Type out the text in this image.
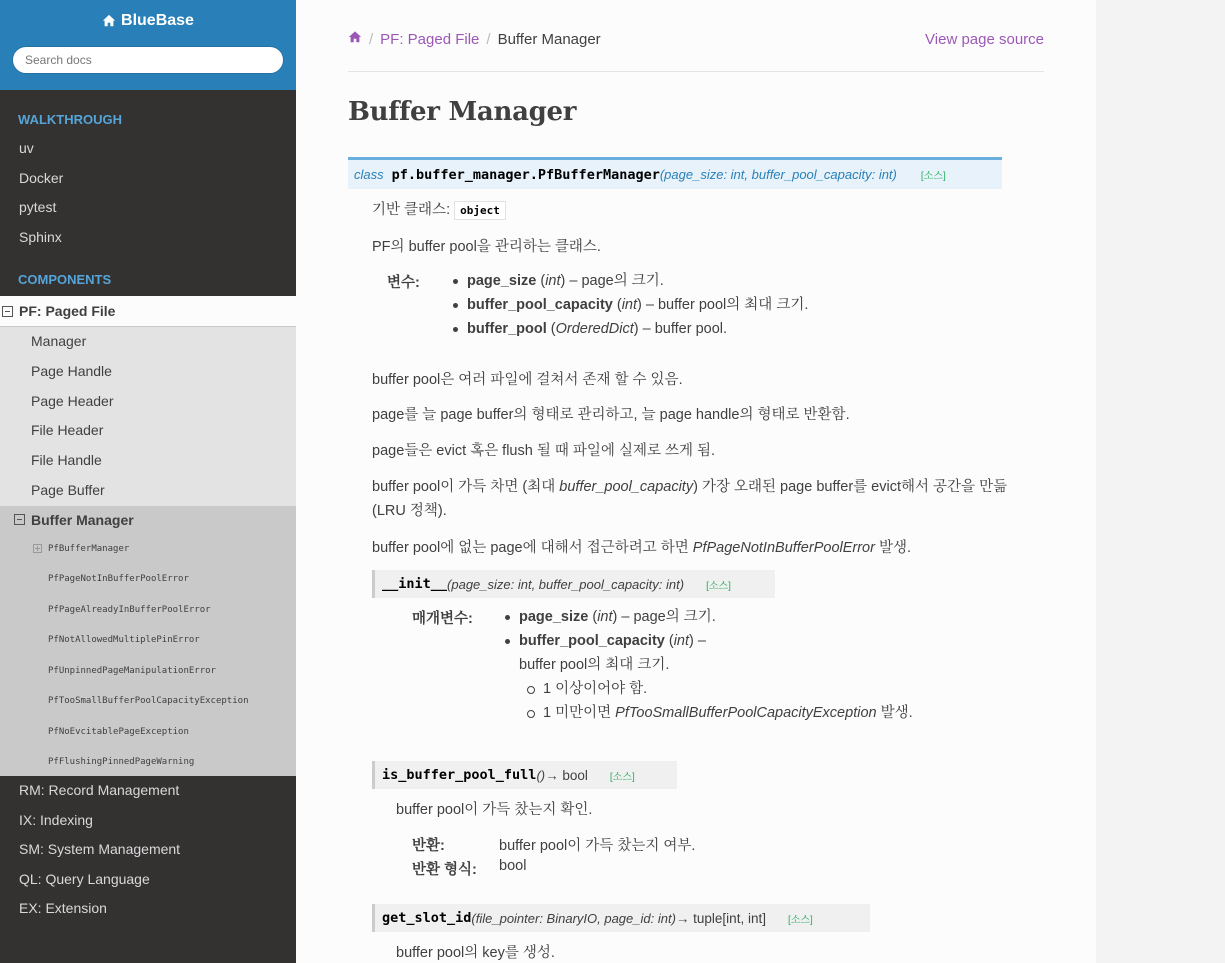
BlueBase
Search docs
WALKTHROUGH
uv
Docker
pytest
Sphinx
COMPONENTS
PF: Paged File
Manager
Page Handle
Page Header
File Header
File Handle
Page Buffer
Buffer Manager
PfBufferManager
PfPageNotInBufferPoolError
PfPageAlreadyInBufferPoolError
PfNotAllowedMultiplePinError
PfUnpinnedPageManipulationError
PfTooSmallBufferPoolCapacityException
PfNoEvcitablePageException
PfFlushingPinnedPageWarning
RM: Record Management
IX: Indexing
SM: System Management
QL: Query Language
EX: Extension
/ PF: Paged File / Buffer Manager	View page source
Buffer Manager
class pf.buffer_manager.PfBufferManager (page_size: int, buffer_pool_capacity: int) [소스]
기반 클래스: object
PF의 buffer pool을 관리하는 클래스.
변수:	page_size (int) – page의 크기.
buffer_pool_capacity (int) – buffer pool의 최대 크기.
buffer_pool (OrderedDict) – buffer pool.
buffer pool은 여러 파일에 걸쳐서 존재 할 수 있음.
page를 늘 page buffer의 형태로 관리하고, 늘 page handle의 형태로 반환함.
page들은 evict 혹은 flush 될 때 파일에 실제로 쓰게 됨.
buffer pool이 가득 차면 (최대 buffer_pool_capacity) 가장 오래된 page buffer를 evict해서 공간을 만듦
(LRU 정책).
buffer pool에 없는 page에 대해서 접근하려고 하면 PfPageNotInBufferPoolError 발생.
__init__ (page_size: int, buffer_pool_capacity: int) [소스]
매개변수:	page_size (int) – page의 크기.
buffer_pool_capacity (int) –
buffer pool의 최대 크기.
1 이상이어야 함.
1 미만이면 PfTooSmallBufferPoolCapacityException 발생.
is_buffer_pool_full () → bool [소스]
buffer pool이 가득 찼는지 확인.
반환:	buffer pool이 가득 찼는지 여부.
반환 형식: bool
get_slot_id (file_pointer: BinaryIO, page_id: int) → tuple[int, int] [소스]
buffer pool의 key를 생성.
